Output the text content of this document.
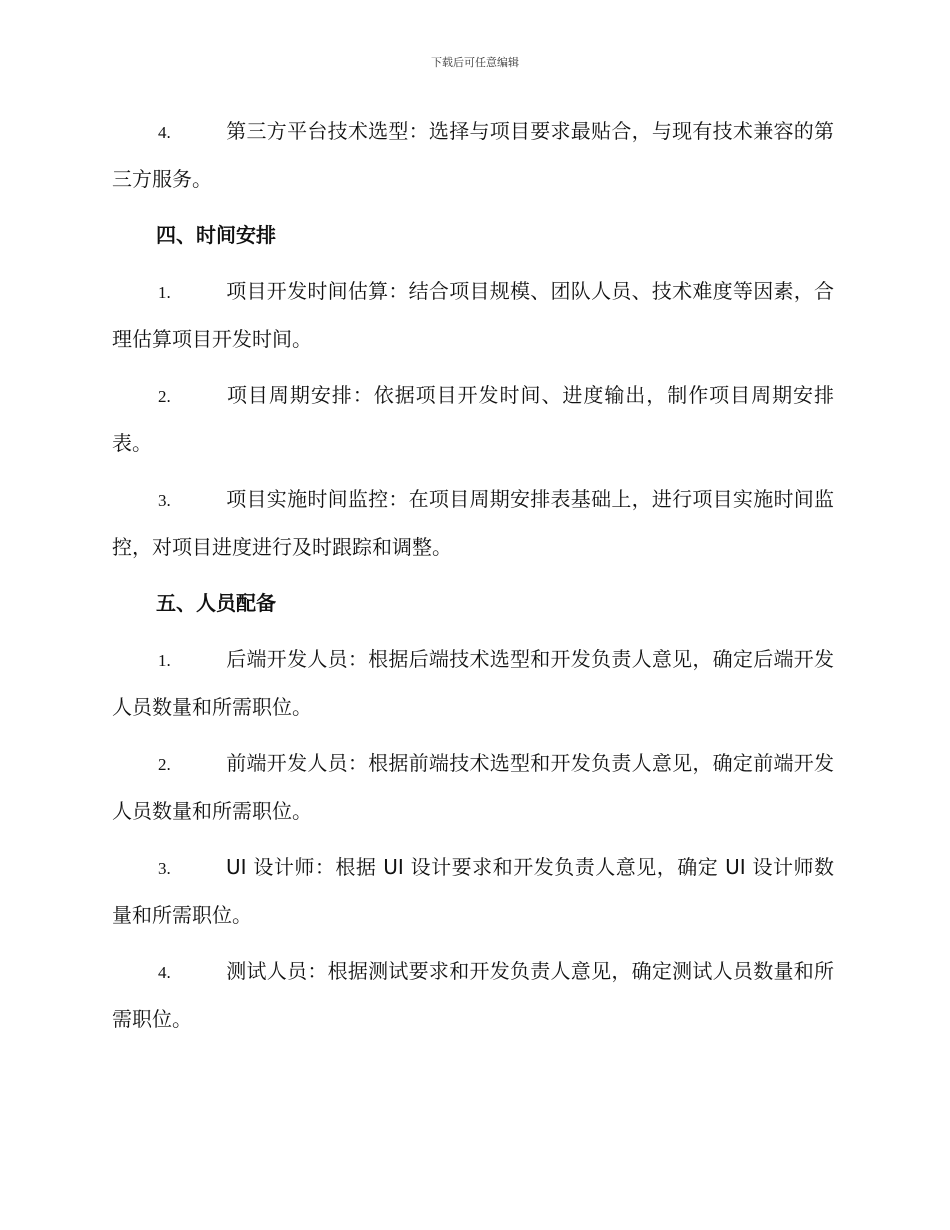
下载后可任意编辑

4.	第三方平台技术选型：选择与项目要求最贴合，与现有技术兼容的第三方服务。

四、时间安排

1.	项目开发时间估算：结合项目规模、团队人员、技术难度等因素，合理估算项目开发时间。

2.	项目周期安排：依据项目开发时间、进度输出，制作项目周期安排表。

3.	项目实施时间监控：在项目周期安排表基础上，进行项目实施时间监控，对项目进度进行及时跟踪和调整。

五、人员配备

1.	后端开发人员：根据后端技术选型和开发负责人意见，确定后端开发人员数量和所需职位。

2.	前端开发人员：根据前端技术选型和开发负责人意见，确定前端开发人员数量和所需职位。

3.	UI 设计师：根据 UI 设计要求和开发负责人意见，确定 UI 设计师数量和所需职位。

4.	测试人员：根据测试要求和开发负责人意见，确定测试人员数量和所需职位。
